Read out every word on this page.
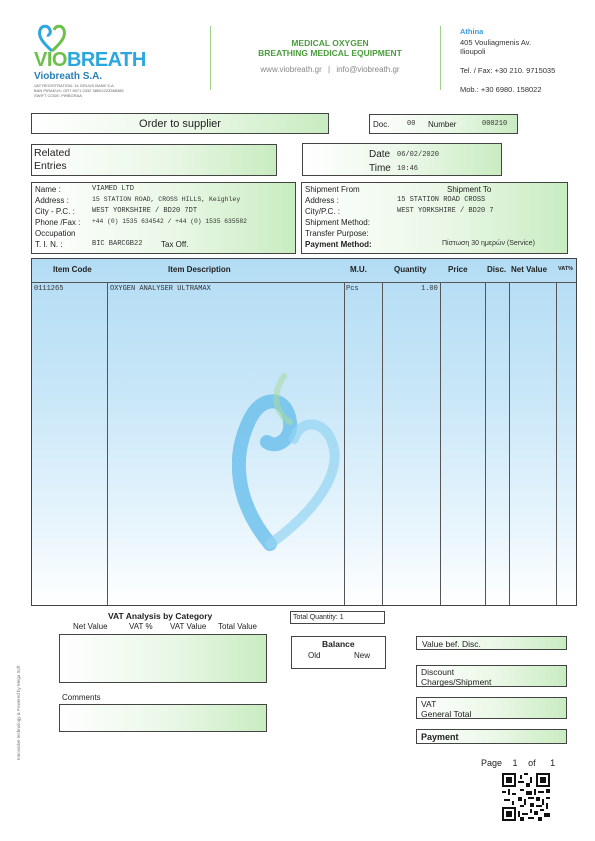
VIOBREATH
Viobreath S.A.
VAT REGISTRATION: 14 GRUUS BANK S.A.
BAN PIRAEUS: GR7 6971 0332 38502223388385
SWIFT CODE: PIRBGRAA
MEDICAL OXYGEN
BREATHING MEDICAL EQUIPMENT
www.viobreath.gr | info@viobreath.gr
Athina
405 Vouliagmenis Av.
Ilioupoli
Tel. / Fax: +30 210. 9715035
Mob.: +30 6980. 158022
Order to supplier	Doc.	00 Number	000210
Related
Entries
Date 06/02/2020
Time 10:46
Name :	VIAMED LTD
Address :	15 STATION ROAD, CROSS HILLS, Keighley
City - P.C. : WEST YORKSHIRE / BD20 7DT
Phone /Fax : +44 (0) 1535 634542 / +44 (0) 1535 635582
Occupation
T. I. N. :	BIC BARCGB22 Tax Off.
Shipment From	Shipment To
Address :	15 STATION ROAD CROSS
City/P.C. :	WEST YORKSHIRE / BD20 7
Shipment Method:
Transfer Purpose:
Payment Method:	Πίστωση 30 ημερών (Service)
Item Code	Item Description	M.U.	Quantity	Price Disc. Net Value VAT%
0111265	OXYGEN ANALYSER ULTRAMAX	Pcs	1.00
VAT Analysis by Category
Net Value	VAT % VAT Value Total Value
Total Quantity: 1
Balance
Old	New
Value bef. Disc.
Discount
Charges/Shipment
VAT
General Total
Payment
Comments
Innovative technology & Powered by Mega Soft
Page 1 of 1
